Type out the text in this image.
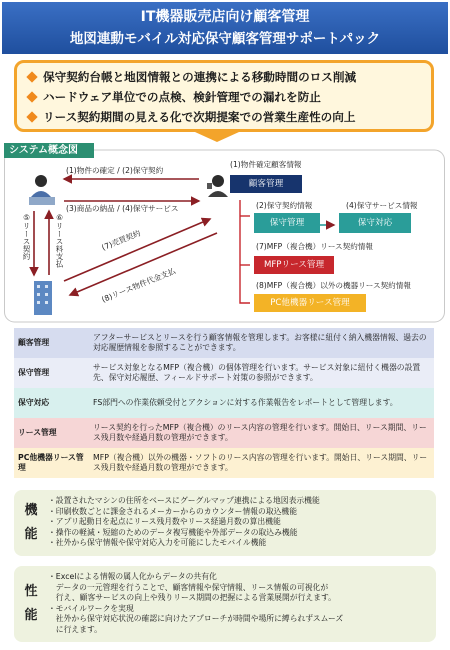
IT機器販売店向け顧客管理
地図連動モバイル対応保守顧客管理サポートパック
保守契約台帳と地図情報との連携による移動時間のロス削減
ハードウェア単位での点検、検針管理での漏れを防止
リース契約期間の見える化で次期提案での営業生産性の向上
システム概念図
(1)物件の確定 / (2)保守契約
(3)商品の納品 / (4)保守サービス
⑤リース契約	⑥リース料支払	(7)売買契約
(8)リース物件代金支払
(1)物件確定顧客情報
顧客管理
(2)保守契約情報	(4)保守サービス情報
保守管理	保守対応
(7)MFP（複合機）リース契約情報
MFPリース管理
(8)MFP（複合機）以外の機器リース契約情報
PC他機器リース管理
顧客管理	アフターサービスとリースを行う顧客情報を管理します。お客様に紐付く納入機器情報、過去の対応履歴情報を参照することができます。
保守管理	サービス対象となるMFP（複合機）の個体管理を行います。サービス対象に紐付く機器の設置先、保守対応履歴、フィールドサポート対策の参照ができます。
保守対応	FS部門への作業依頼受付とアクションに対する作業報告をレポートとして管理します。
リース管理	リース契約を行ったMFP（複合機）のリース内容の管理を行います。開始日、リース期間、リース残月数や経過月数の管理ができます。
PC他機器リース管理	MFP（複合機）以外の機器・ソフトのリース内容の管理を行います。開始日、リース期間、リース残月数や経過月数の管理ができます。
機
能
・設置されたマシンの住所をベースにグーグルマップ連携による地図表示機能
・印刷枚数ごとに課金されるメーカーからのカウンター情報の取込機能
・アプリ起動日を起点にリース残月数やリース経過月数の算出機能
・操作の軽減・短縮のためのデータ複写機能や外部データの取込み機能
・社外から保守情報や保守対応入力を可能にしたモバイル機能
性
能
・Excelによる情報の属人化からデータの共有化
　データの一元管理を行うことで、顧客情報や保守情報、リース情報の可視化が
　行え、顧客サービスの向上や残りリース期間の把握による営業展開が行えます。
・モバイルワークを実現
　社外から保守対応状況の確認に向けたアプローチが時間や場所に縛られずスムーズ
　に行えます。
